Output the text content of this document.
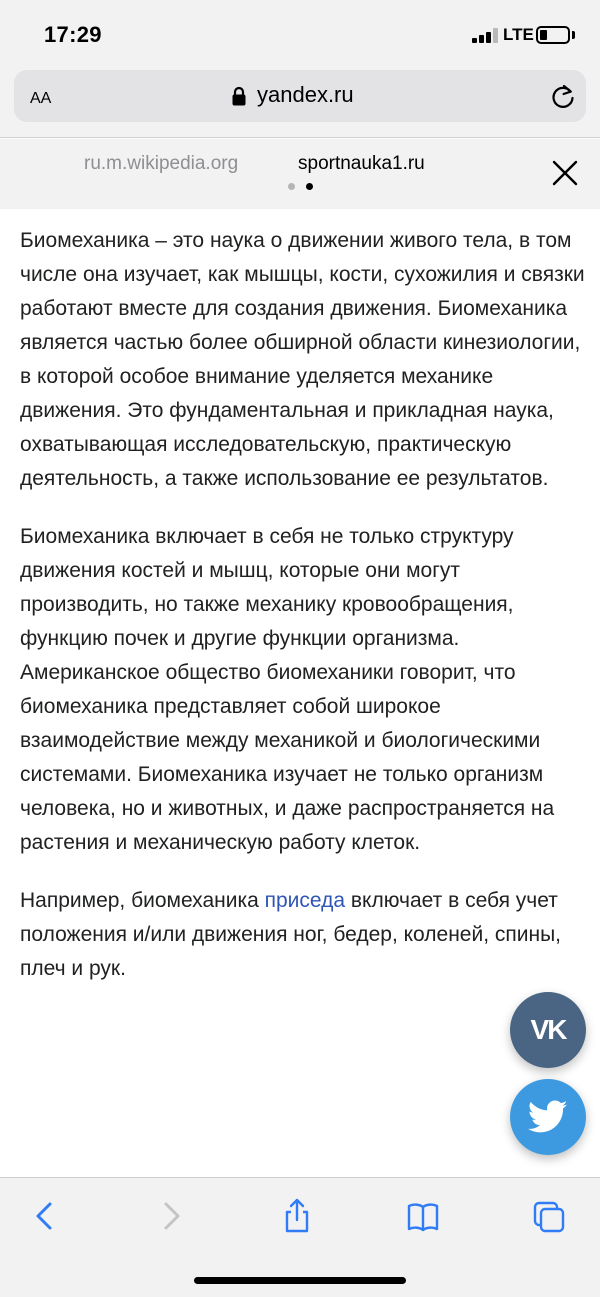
17:29	LTE
AA	yandex.ru
ru.m.wikipedia.org	sportnauka1.ru

Биомеханика – это наука о движении живого тела, в том числе она изучает, как мышцы, кости, сухожилия и связки работают вместе для создания движения. Биомеханика является частью более обширной области кинезиологии, в которой особое внимание уделяется механике движения. Это фундаментальная и прикладная наука, охватывающая исследовательскую, практическую деятельность, а также использование ее результатов.

Биомеханика включает в себя не только структуру движения костей и мышц, которые они могут производить, но также механику кровообращения, функцию почек и другие функции организма. Американское общество биомеханики говорит, что биомеханика представляет собой широкое взаимодействие между механикой и биологическими системами. Биомеханика изучает не только организм человека, но и животных, и даже распространяется на растения и механическую работу клеток.

Например, биомеханика приседа включает в себя учет положения и/или движения ног, бедер, коленей, спины, плеч и рук.

VK
